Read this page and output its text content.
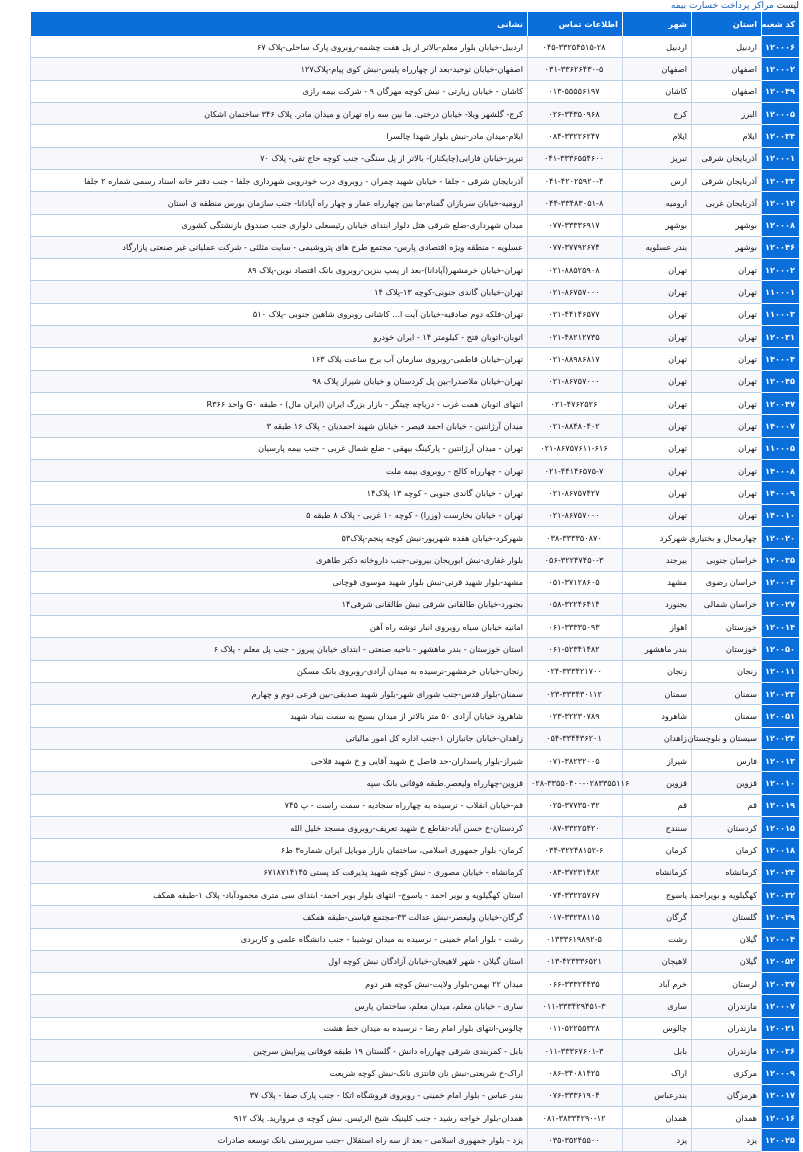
لیست مراکز پرداخت خسارت بیمه
کد شعبه	استان	شهر	اطلاعات تماس	نشانی
۱۲۰۰۰۶	اردبیل	اردبیل	۰۴۵-۳۳۲۵۴۵۱۵-۲۸	اردبیل-خیابان بلوار معلم-بالاتر از پل هفت چشمه-روبروی پارک ساحلی-پلاک ۶۷
۱۲۰۰۰۲	اصفهان	اصفهان	۰۳۱-۳۳۶۲۶۴۳۰-۵	اصفهان-خیابان توحید-بعد از چهارراه پلیس-نبش کوی پیام-پلاک۱۲۷
۱۲۰۰۴۹	اصفهان	کاشان	۰۱۳-۵۵۵۵۶۱۹۷	کاشان - خیابان زیارتی - نبش کوچه مهرگان ۹ - شرکت بیمه رازی
۱۲۰۰۰۵	البرز	کرج	۰۲۶-۳۴۳۵۰۹۶۸	کرج- گلشهر ویلا- خیابان درختی. ما بین سه راه تهران و میدان مادر. پلاک ۳۴۶ ساختمان اشکان
۱۲۰۰۳۴	ایلام	ایلام	۰۸۴-۳۳۲۲۶۲۴۷	ایلام-میدان مادر-نبش بلوار شهدا چالسرا
۱۲۰۰۰۱	آذربایجان شرقی	تبریز	۰۴۱-۳۳۳۶۵۵۴۶۰۰	تبریز-خیابان فارابی(چایکنار)- بالاتر از پل سنگی- جنب کوچه حاج تقی- پلاک ۷۰
۱۲۰۰۳۳	آذربایجان شرقی	ارس	۰۴۱-۴۲۰۲۵۹۲۰-۴	آذربایجان شرقی - جلفا - خیابان شهید چمران - روبروی درب خودرویی شهرداری جلفا - جنب دفتر خانه اسناد رسمی شماره ۲ جلفا
۱۲۰۰۱۲	آذربایجان غربی	ارومیه	۰۴۴-۳۳۴۸۳۰۵۱-۸	ارومیه-خیابان سربازان گمنام-ما بین چهارراه عمار و چهار راه آپادانا- جنب سازمان بورس منطقه ی استان
۱۲۰۰۰۸	بوشهر	بوشهر	۰۷۷-۳۳۳۳۶۹۱۷	میدان شهرداری-ضلع شرقی هتل دلوار ابتدای خیابان رئیسعلی دلواری جنب صندوق بازنشتگی کشوری
۱۲۰۰۴۶	بوشهر	بندر عسلویه	۰۷۷-۳۷۷۹۲۶۷۴	عسلویه - منطقه ویژه اقتصادی پارس- مجتمع طرح های پتروشیمی - سایت مثلثی - شرکت عملیاتی غیر صنعتی پازارگاد
۱۲۰۰۰۲	تهران	تهران	۰۲۱-۸۸۵۲۵۹۰۸	تهران-خیابان خرمشهر(آپادانا)-بعد از پمپ بنزین-روبروی بانک اقتصاد نوین-پلاک ۸۹
۱۱۰۰۰۱	تهران	تهران	۰۲۱-۸۶۷۵۷۰۰۰	تهران-خیابان گاندی جنوبی-کوچه ۱۳-پلاک ۱۴
۱۱۰۰۰۳	تهران	تهران	۰۲۱-۴۴۱۴۶۵۷۷	تهران-فلکه دوم صادقیه-خیابان آیت ا... کاشانی روبروی شاهین جنوبی -پلاک ۵۱۰
۱۲۰۰۳۱	تهران	تهران	۰۲۱-۴۸۲۱۲۷۳۵	اتوبان-اتوبان فتح - کیلومتر ۱۴ - ایران خودرو
۱۴۰۰۰۴	تهران	تهران	۰۲۱-۸۸۹۸۶۸۱۷	تهران-خیابان قاطمی-روبروی سازمان آب برج ساعت پلاک ۱۶۳
۱۲۰۰۴۵	تهران	تهران	۰۲۱-۸۶۷۵۷۰۰۰	تهران-خیابان ملاصدرا-بین پل کردستان و خیابان شیراز پلاک ۹۸
۱۲۰۰۴۷	تهران	تهران	۰۲۱-۴۷۶۲۵۲۶	انتهای اتوبان همت غرب - دریاچه چیتگر - بازار بزرگ ایران (ایران مال) - طبقه G۰ واحد R۳۶۶
۱۴۰۰۰۷	تهران	تهران	۰۲۱-۸۸۴۸۰۴۰۲	میدان آرژانتین - خیابان احمد قیصر - خیابان شهید احمدیان - پلاک ۱۶ طبقه ۳
۱۱۰۰۰۵	تهران	تهران	۰۲۱-۸۶۷۵۷۶۱۱-۶۱۶	تهران - میدان آرژانتین - پارکینگ بیهقی - ضلع شمال غربی - جنب بیمه پارسیان
۱۴۰۰۰۸	تهران	تهران	۰۲۱-۴۴۱۴۶۵۷۵-۷	تهران - چهارراه کالج - روبروی بیمه ملت
۱۴۰۰۰۹	تهران	تهران	۰۲۱-۸۶۷۵۷۴۲۷	تهران - خیابان گاندی جنوبی - کوچه ۱۳ پلاک۱۴
۱۴۰۰۱۰	تهران	تهران	۰۲۱-۸۶۷۵۷۰۰۰	تهران - خیابان بخارست (وزرا) - کوچه ۱۰ غربی - پلاک ۸ طبقه ۵
۱۲۰۰۲۰	چهارمحال و بختیاری	شهرکرد	۰۳۸-۳۳۳۳۵۰۸۷۰	شهرکرد-خیابان هفده شهریور-نبش کوچه پنجم-پلاک۵۳
۱۲۰۰۳۵	خراسان جنوبی	بیرجند	۰۵۶-۳۲۲۴۷۴۵۰-۳	بلوار غفاری-نبش ابوریحان بیرونی-جنب داروخانه دکتر طاهری
۱۲۰۰۰۳	خراسان رضوی	مشهد	۰۵۱-۳۷۱۲۸۶۰۵	مشهد-بلوار شهید قرنی-نبش بلوار شهید موسوی قوچانی
۱۲۰۰۲۷	خراسان شمالی	بجنورد	۰۵۸-۳۲۲۴۶۴۱۴	بجنورد-خیابان طالقانی شرقی نبش طالقانی شرقی۱۴
۱۲۰۰۱۴	خوزستان	اهواز	۰۶۱-۳۳۳۳۵۰۹۳	امانیه خیابان سیاه روبروی انبار توشه راه آهن
۱۲۰۰۵۰	خوزستان	بندر ماهشهر	۰۶۱-۵۲۳۴۱۴۸۲	استان خوزستان - بندر ماهشهر - ناحیه صنعتی - ابتدای خیابان پیروز - جنب پل معلم - پلاک ۶
۱۲۰۰۱۱	زنجان	زنجان	۰۲۴-۳۳۳۴۲۱۷۰۰	زنجان-خیابان خرمشهر-نرسیده به میدان آزادی-روبروی بانک مسکن
۱۲۰۰۲۳	سمنان	سمنان	۰۲۳-۳۳۳۴۳۰۱۱۲	سمنان-بلوار قدس-جنب شورای شهر-بلوار شهید صدیقی-بین فرعی دوم و چهارم
۱۲۰۰۵۱	سمنان	شاهرود	۰۲۳-۳۲۲۳۰۷۸۹	شاهرود خیابان آزادی ۵۰ متر بالاتر از میدان بسیج به سمت بنیاد شهید
۱۲۰۰۲۴	سیستان و بلوچستان	زاهدان	۰۵۴-۳۳۴۴۳۶۲۰۱	زاهدان-خیابان جانبازان ۱-جنب اداره کل امور مالیاتی
۱۲۰۰۱۳	فارس	شیراز	۰۷۱-۳۸۲۳۲۰۰۵	شیراز-بلوار پاسداران-حد فاصل خ شهید آقایی و خ شهید فلاحی
۱۲۰۰۱۰	قزوین	قزوین	۰۲۸-۳۳۵۵۰۴۰۰-۰۲۸۳۳۵۵۱۱۶	قزوین-چهارراه ولیعصر.طبقه فوقانی بانک سپه
۱۲۰۰۱۹	قم	قم	۰۲۵-۳۷۷۳۵۰۳۲	قم-خیابان انقلاب - نرسیده به چهارراه سجادیه - سمت راست - پ ۷۴۵
۱۲۰۰۱۵	کردستان	سنندج	۰۸۷-۳۳۲۲۵۴۲۰	کردستان-خ حسن آباد-تقاطع خ شهید تعریف-روبروی مسجد خلیل الله
۱۲۰۰۱۸	کرمان	کرمان	۰۳۴-۳۲۲۴۸۱۵۲-۶	کرمان- بلوار جمهوری اسلامی، ساختمان بازار موبایل ایران شماره۳ ط۶
۱۲۰۰۲۴	کرمانشاه	کرمانشاه	۰۸۳-۳۷۲۳۱۴۸۲	کرمانشاه - خیابان مصوری - نبش کوچه شهید پذیرفت کد پستی ۶۷۱۸۷۱۴۱۴۵
۱۲۰۰۳۲	کهگیلویه و بویراحمد	یاسوج	۰۷۴-۳۳۲۲۵۷۶۷	استان کهگیلویه و بویر احمد - یاسوج- انتهای بلوار بویر احمد- ابتدای سی متری محمودآباد- پلاک ۱-طبقه همکف
۱۲۰۰۲۹	گلستان	گرگان	۰۱۷-۳۳۲۳۸۱۱۵	گرگان-خیابان ولیعصر-نبش عدالت ۳۳-مجتمع قیاسی-طبقه همکف
۱۲۰۰۰۴	گیلان	رشت	۰۱۳۳۳۶۱۹۸۹۲-۵	رشت - بلوار امام خمینی - نرسیده به میدان توشیبا - جنب دانشگاه علمی و کاربردی
۱۲۰۰۵۲	گیلان	لاهیجان	۰۱۳-۴۲۳۳۳۶۵۲۱	استان گیلان - شهر لاهیجان-خیابان آزادگان نبش کوچه اول
۱۲۰۰۳۷	لرستان	خرم آباد	۰۶۶-۳۳۳۲۴۴۳۵	میدان ۲۲ بهمن-بلوار ولایت-نبش کوچه هنر دوم
۱۲۰۰۰۷	مازندران	ساری	۰۱۱-۳۳۳۴۲۹۴۵۱-۳	ساری - خیابان معلم، میدان معلم، ساختمان پارس
۱۲۰۰۲۱	مازندران	چالوس	۰۱۱-۵۲۲۵۵۳۲۸	چالوس-انتهای بلوار امام رضا - نرسیده به میدان خط هشت
۱۲۰۰۳۶	مازندران	بابل	۰۱۱-۳۳۳۶۷۶۰۱-۳	بابل - کمربندی شرقی چهارراه دانش - گلستان ۱۹ طبقه فوقانی پیرایش سرچین
۱۲۰۰۰۹	مرکزی	اراک	۰۸۶-۳۴۰۸۱۴۲۵	اراک-خ شریعتی-نبش نان فانتزی نانک-نبش کوچه شریعت
۱۲۰۰۱۷	هرمزگان	بندرعباس	۰۷۶-۳۳۳۶۱۹۰۴	بندر عباس - بلوار امام خمینی - روبروی فروشگاه اتکا - جنب پارک صفا - پلاک ۳۷
۱۲۰۰۱۶	همدان	همدان	۰۸۱-۳۸۳۳۴۲۹۰-۱۲	همدان-بلوار خواجه رشید - جنب کلینیک شیخ الرئیس. نبش کوچه ی مروارید. پلاک ۹۱۲
۱۲۰۰۲۵	یزد	یزد	۰۳۵-۳۵۲۴۵۵۰۰	یزد - بلوار جمهوری اسلامی - بعد از سه راه استقلال -جنب سرپرستی بانک توسعه صادرات
